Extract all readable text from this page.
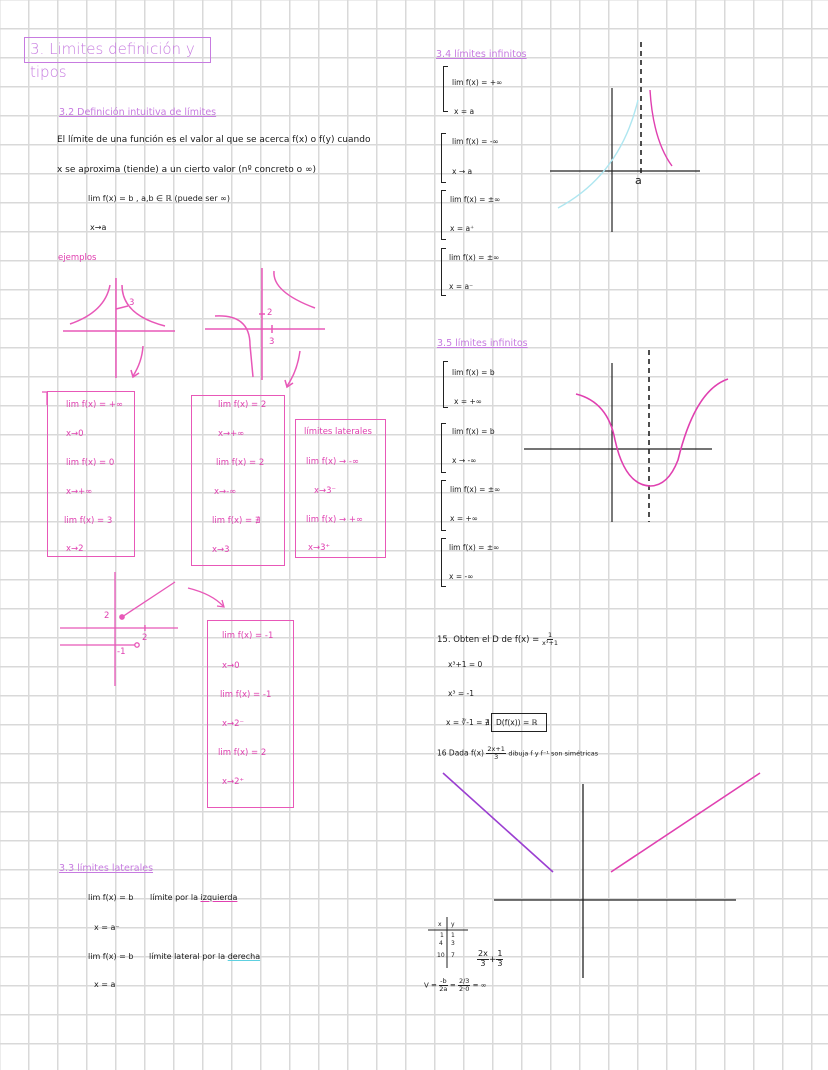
3. Limites definición y tipos
3.2 Definición intuitiva de límites
El límite de una función es el valor al que se acerca f(x) o f(y) cuando
x se aproxima (tiende) a un cierto valor (nº concreto o ∞)
lim f(x) = b , a,b ∈ ℝ (puede ser ∞)
x→a
ejemplos
3
2
3
lim f(x) = +∞
x→0
lim f(x) = 0
x→+∞
lim f(x) = 3
x→2
lim f(x) = 2
x→+∞
lim f(x) = 2
x→-∞
lim f(x) = ∄
x→3
límites laterales
lim f(x) → -∞
x→3⁻
lim f(x) → +∞
x→3⁺
2
2
-1
lim f(x) = -1
x→0
lim f(x) = -1
x→2⁻
lim f(x) = 2
x→2⁺
3.3 límites laterales
lim f(x) = b límite por la izquierda
x = a⁻
lim f(x) = b límite lateral por la derecha
x = a
3.4 límites infinitos
lim f(x) = +∞
x = a
lim f(x) = -∞
x → a
lim f(x) = ±∞
x = a⁺
lim f(x) = ±∞
x = a⁻
a
3.5 límites infinitos
lim f(x) = b
x = +∞
lim f(x) = b
x → -∞
lim f(x) = ±∞
x = +∞
lim f(x) = ±∞
x = -∞
15. Obten el D de $f(x) = \frac{1}{\text{x³+1}}$
x³+1 = 0
x³ = -1
x = ∛-1 = ∄ D(f(x)) = ℝ
16 Dada $f(x) \frac{2x+1}{3}$ dibuja f y f⁻¹ son simétricas
x y
1 1
4 3
10 7	$\frac{2x}{3} + \frac{1}{3}$
$V = \frac{-b}{2a} = \frac{2/3}{2\cdot 0}$ = ∞
